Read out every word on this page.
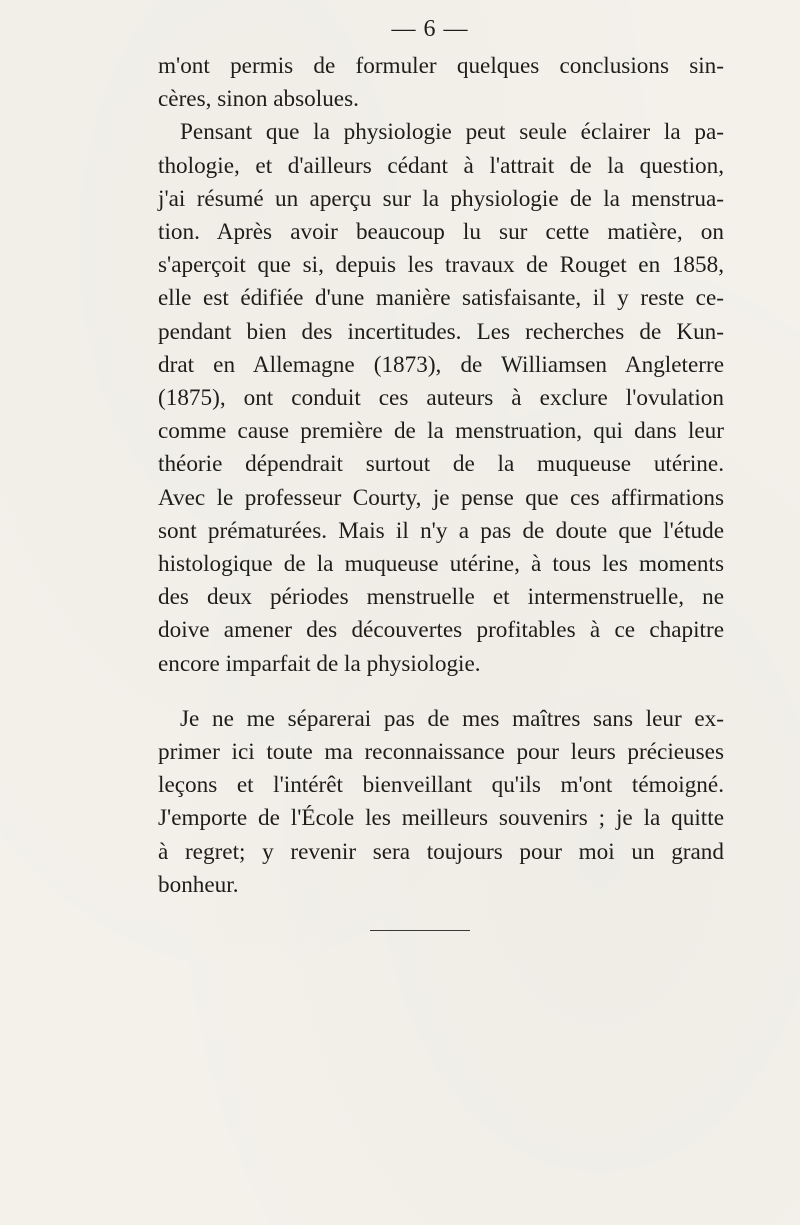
— 6 —

m'ont permis de formuler quelques conclusions sin-
cères, sinon absolues.

Pensant que la physiologie peut seule éclairer la pa-
thologie, et d'ailleurs cédant à l'attrait de la question,
j'ai résumé un aperçu sur la physiologie de la menstrua-
tion. Après avoir beaucoup lu sur cette matière, on
s'aperçoit que si, depuis les travaux de Rouget en 1858,
elle est édifiée d'une manière satisfaisante, il y reste ce-
pendant bien des incertitudes. Les recherches de Kun-
drat en Allemagne (1873), de Williamsen Angleterre
(1875), ont conduit ces auteurs à exclure l'ovulation
comme cause première de la menstruation, qui dans leur
théorie dépendrait surtout de la muqueuse utérine.
Avec le professeur Courty, je pense que ces affirmations
sont prématurées. Mais il n'y a pas de doute que l'étude
histologique de la muqueuse utérine, à tous les moments
des deux périodes menstruelle et intermenstruelle, ne
doive amener des découvertes profitables à ce chapitre
encore imparfait de la physiologie.

Je ne me séparerai pas de mes maîtres sans leur ex-
primer ici toute ma reconnaissance pour leurs précieuses
leçons et l'intérêt bienveillant qu'ils m'ont témoigné.
J'emporte de l'École les meilleurs souvenirs ; je la quitte
à regret; y revenir sera toujours pour moi un grand
bonheur.
